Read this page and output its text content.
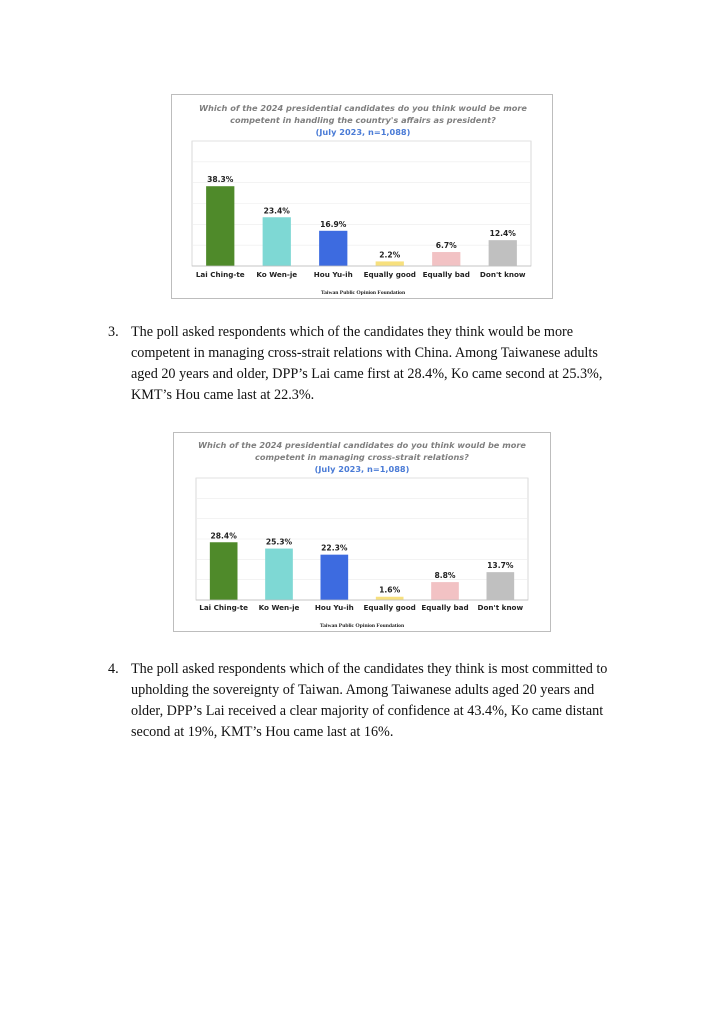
Which of the 2024 presidential candidates do you think would be more
competent in handling the country's affairs as president?
(July 2023, n=1,088)
38.3%
Lai Ching-te
23.4%
Ko Wen-je
16.9%
Hou Yu-ih
2.2%
Equally good
6.7%
Equally bad
12.4%
Don't know
Taiwan Public Opinion Foundation
3. The poll asked respondents which of the candidates they think would be more competent in managing cross-strait relations with China. Among Taiwanese adults aged 20 years and older, DPP’s Lai came first at 28.4%, Ko came second at 25.3%, KMT’s Hou came last at 22.3%.
Which of the 2024 presidential candidates do you think would be more
competent in managing cross-strait relations?
(July 2023, n=1,088)
28.4%
Lai Ching-te
25.3%
Ko Wen-je
22.3%
Hou Yu-ih
1.6%
Equally good
8.8%
Equally bad
13.7%
Don't know
Taiwan Public Opinion Foundation
4. The poll asked respondents which of the candidates they think is most committed to upholding the sovereignty of Taiwan. Among Taiwanese adults aged 20 years and older, DPP’s Lai received a clear majority of confidence at 43.4%, Ko came distant second at 19%, KMT’s Hou came last at 16%.
